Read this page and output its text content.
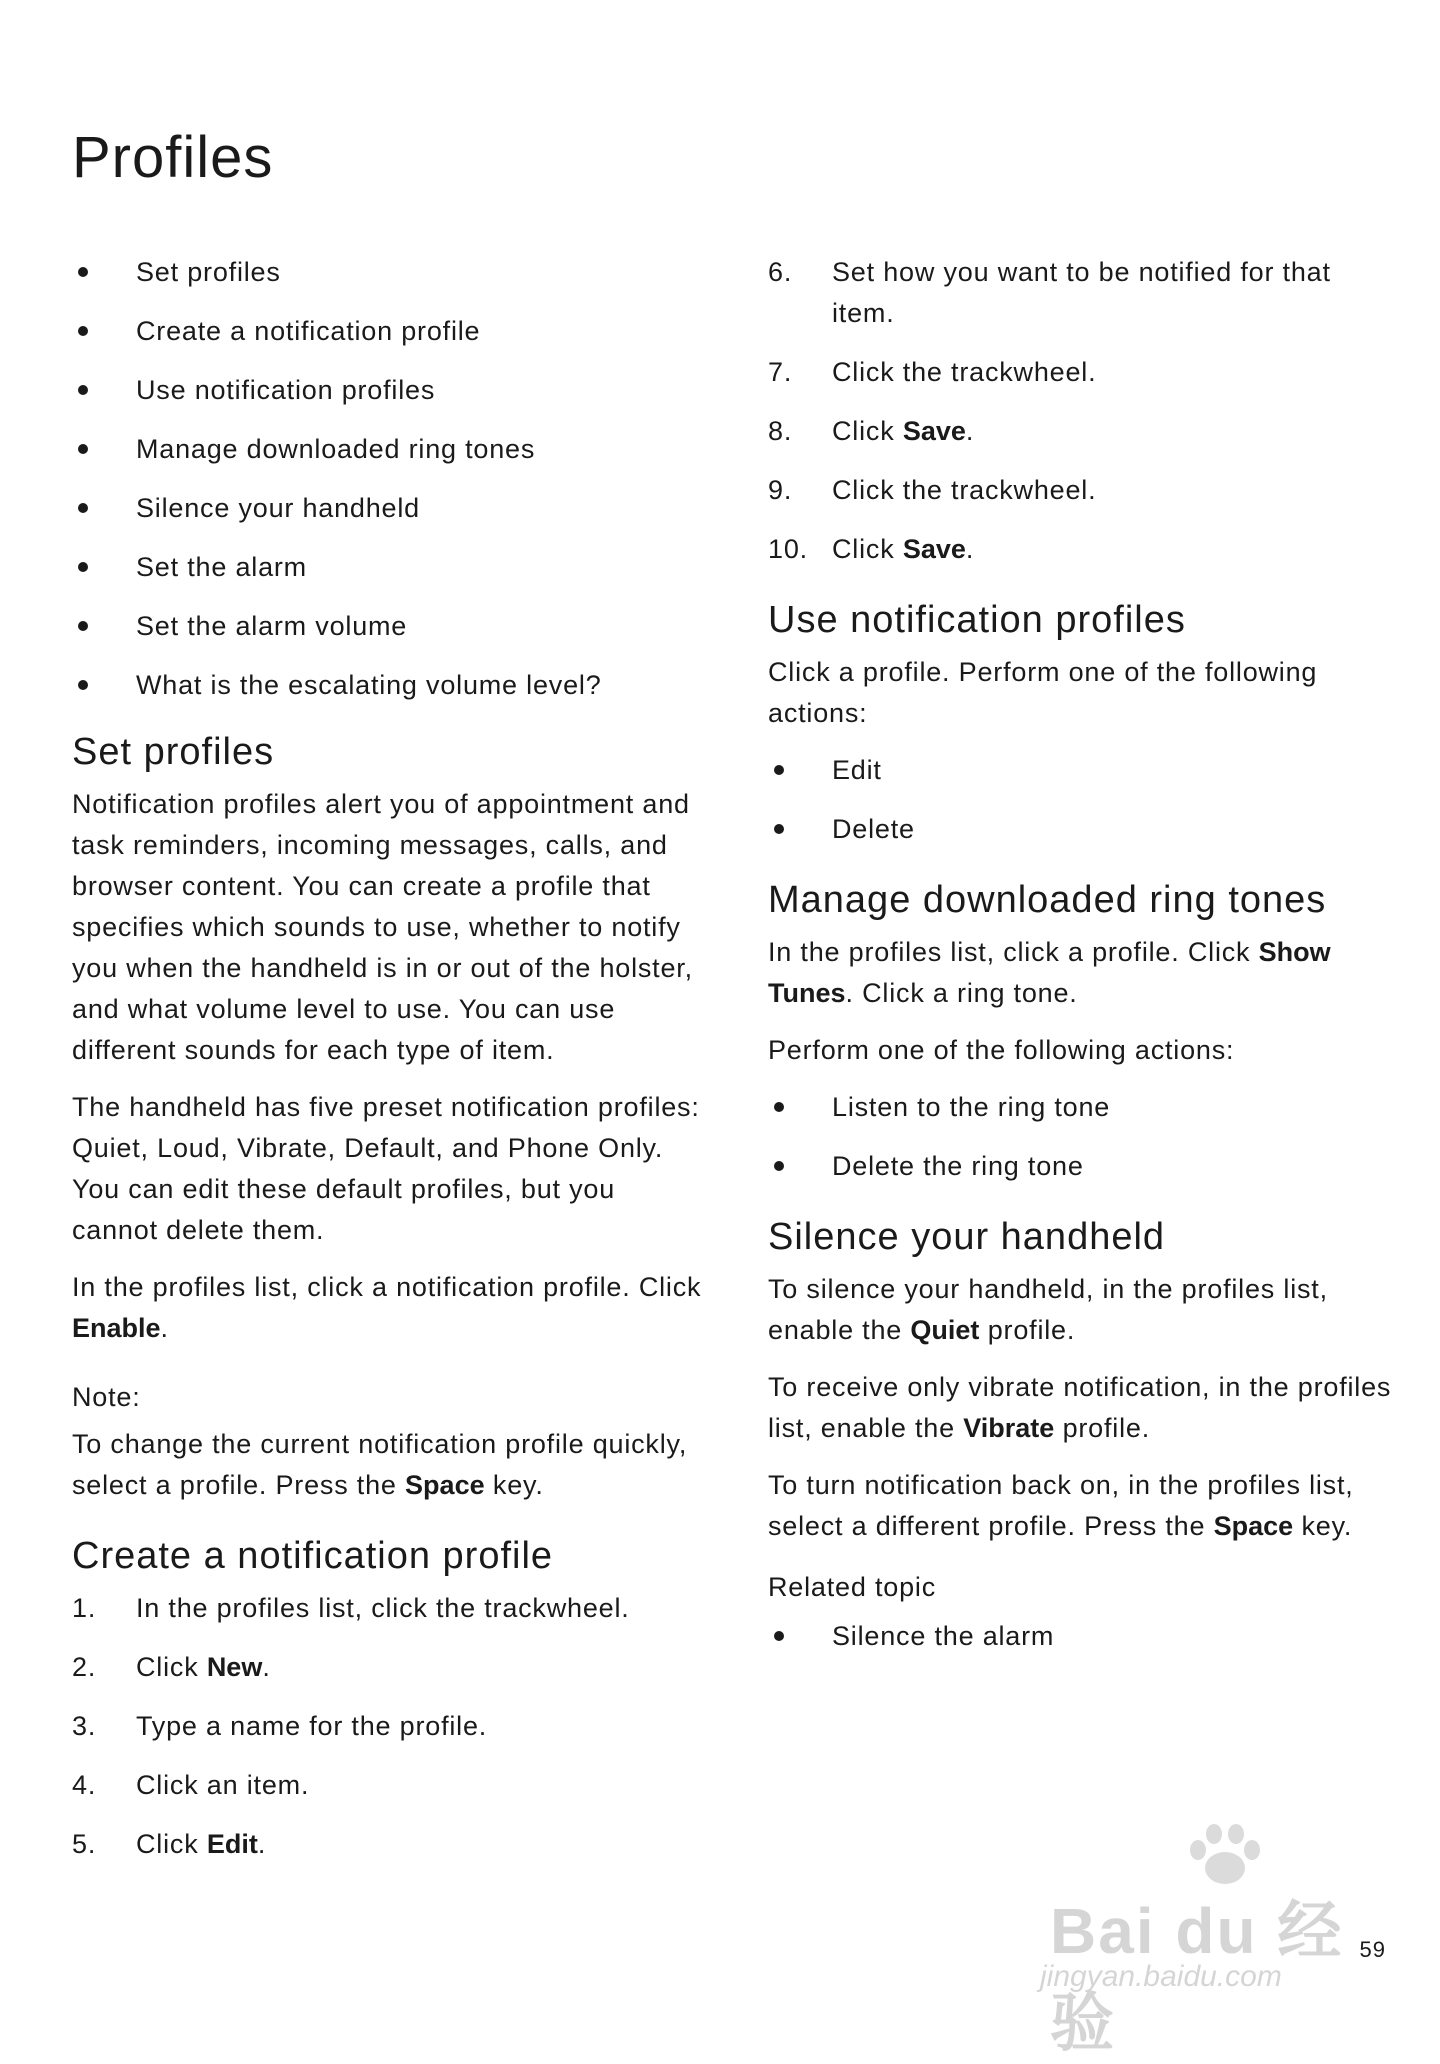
Profiles
Set profiles
Create a notification profile
Use notification profiles
Manage downloaded ring tones
Silence your handheld
Set the alarm
Set the alarm volume
What is the escalating volume level?
Set profiles

Notification profiles alert you of appointment and task reminders, incoming messages, calls, and browser content. You can create a profile that specifies which sounds to use, whether to notify you when the handheld is in or out of the holster, and what volume level to use. You can use different sounds for each type of item.

The handheld has five preset notification profiles: Quiet, Loud, Vibrate, Default, and Phone Only. You can edit these default profiles, but you cannot delete them.

In the profiles list, click a notification profile. Click Enable.

Note:

To change the current notification profile quickly, select a profile. Press the Space key.

Create a notification profile
1. In the profiles list, click the trackwheel.
2. Click New.
3. Type a name for the profile.
4. Click an item.
5. Click Edit.
6. Set how you want to be notified for that item.
7. Click the trackwheel.
8. Click Save.
9. Click the trackwheel.
10. Click Save.
Use notification profiles

Click a profile. Perform one of the following actions:

Edit
Delete
Manage downloaded ring tones

In the profiles list, click a profile. Click Show Tunes. Click a ring tone.

Perform one of the following actions:

Listen to the ring tone
Delete the ring tone
Silence your handheld

To silence your handheld, in the profiles list, enable the Quiet profile.

To receive only vibrate notification, in the profiles list, enable the Vibrate profile.

To turn notification back on, in the profiles list, select a different profile. Press the Space key.

Related topic
Silence the alarm
Bai du 经验
jingyan.baidu.com
59
